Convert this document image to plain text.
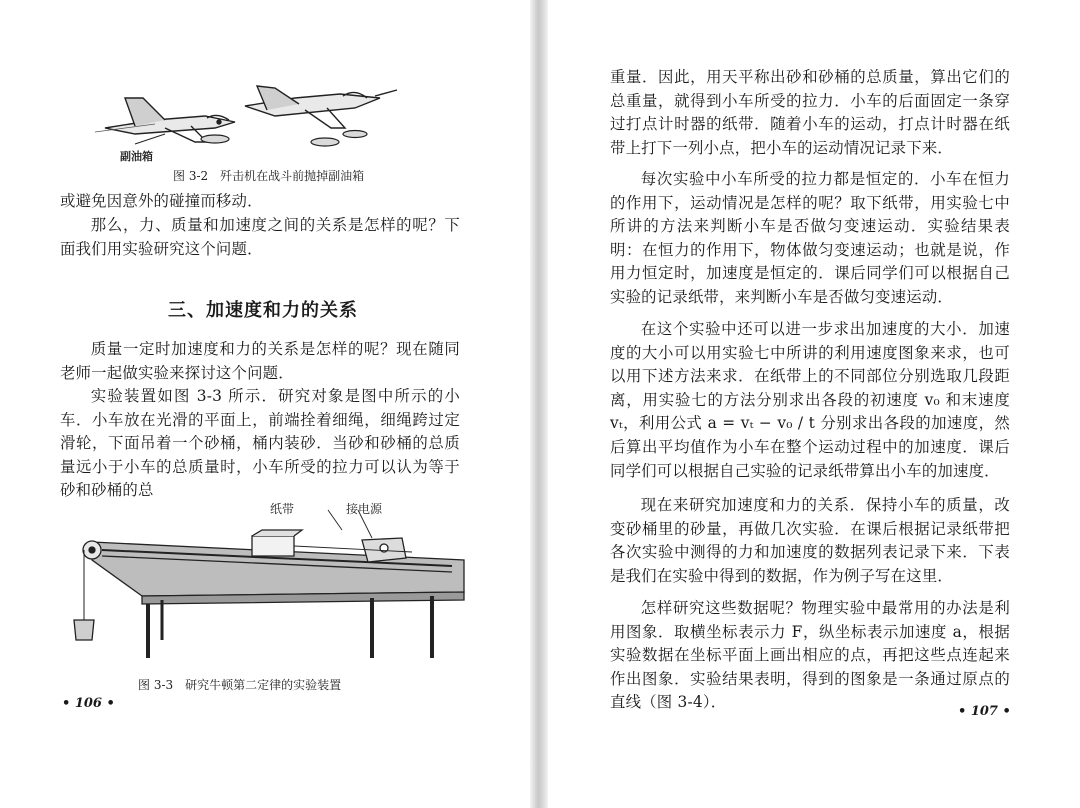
副油箱
图 3-2　歼击机在战斗前抛掉副油箱

或避免因意外的碰撞而移动．

那么，力、质量和加速度之间的关系是怎样的呢？下面我们用实验研究这个问题．

三、加速度和力的关系

质量一定时加速度和力的关系是怎样的呢？现在随同老师一起做实验来探讨这个问题．

实验装置如图 3-3 所示．研究对象是图中所示的小车．小车放在光滑的平面上，前端拴着细绳，细绳跨过定滑轮，下面吊着一个砂桶，桶内装砂．当砂和砂桶的总质量远小于小车的总质量时，小车所受的拉力可以认为等于砂和砂桶的总

纸带	接电源
图 3-3　研究牛顿第二定律的实验装置
• 106 •

重量．因此，用天平称出砂和砂桶的总质量，算出它们的总重量，就得到小车所受的拉力．小车的后面固定一条穿过打点计时器的纸带．随着小车的运动，打点计时器在纸带上打下一列小点，把小车的运动情况记录下来．

每次实验中小车所受的拉力都是恒定的．小车在恒力的作用下，运动情况是怎样的呢？取下纸带，用实验七中所讲的方法来判断小车是否做匀变速运动．实验结果表明：在恒力的作用下，物体做匀变速运动；也就是说，作用力恒定时，加速度是恒定的．课后同学们可以根据自己实验的记录纸带，来判断小车是否做匀变速运动．

在这个实验中还可以进一步求出加速度的大小．加速度的大小可以用实验七中所讲的利用速度图象来求，也可以用下述方法来求．在纸带上的不同部位分别选取几段距离，用实验七的方法分别求出各段的初速度 v₀ 和末速度 vₜ，利用公式 a = vₜ − v₀ / t 分别求出各段的加速度，然后算出平均值作为小车在整个运动过程中的加速度．课后同学们可以根据自己实验的记录纸带算出小车的加速度．

现在来研究加速度和力的关系．保持小车的质量，改变砂桶里的砂量，再做几次实验．在课后根据记录纸带把各次实验中测得的力和加速度的数据列表记录下来．下表是我们在实验中得到的数据，作为例子写在这里．

怎样研究这些数据呢？物理实验中最常用的办法是利用图象．取横坐标表示力 F，纵坐标表示加速度 a，根据实验数据在坐标平面上画出相应的点，再把这些点连起来作出图象．实验结果表明，得到的图象是一条通过原点的直线（图 3-4）．

• 107 •
